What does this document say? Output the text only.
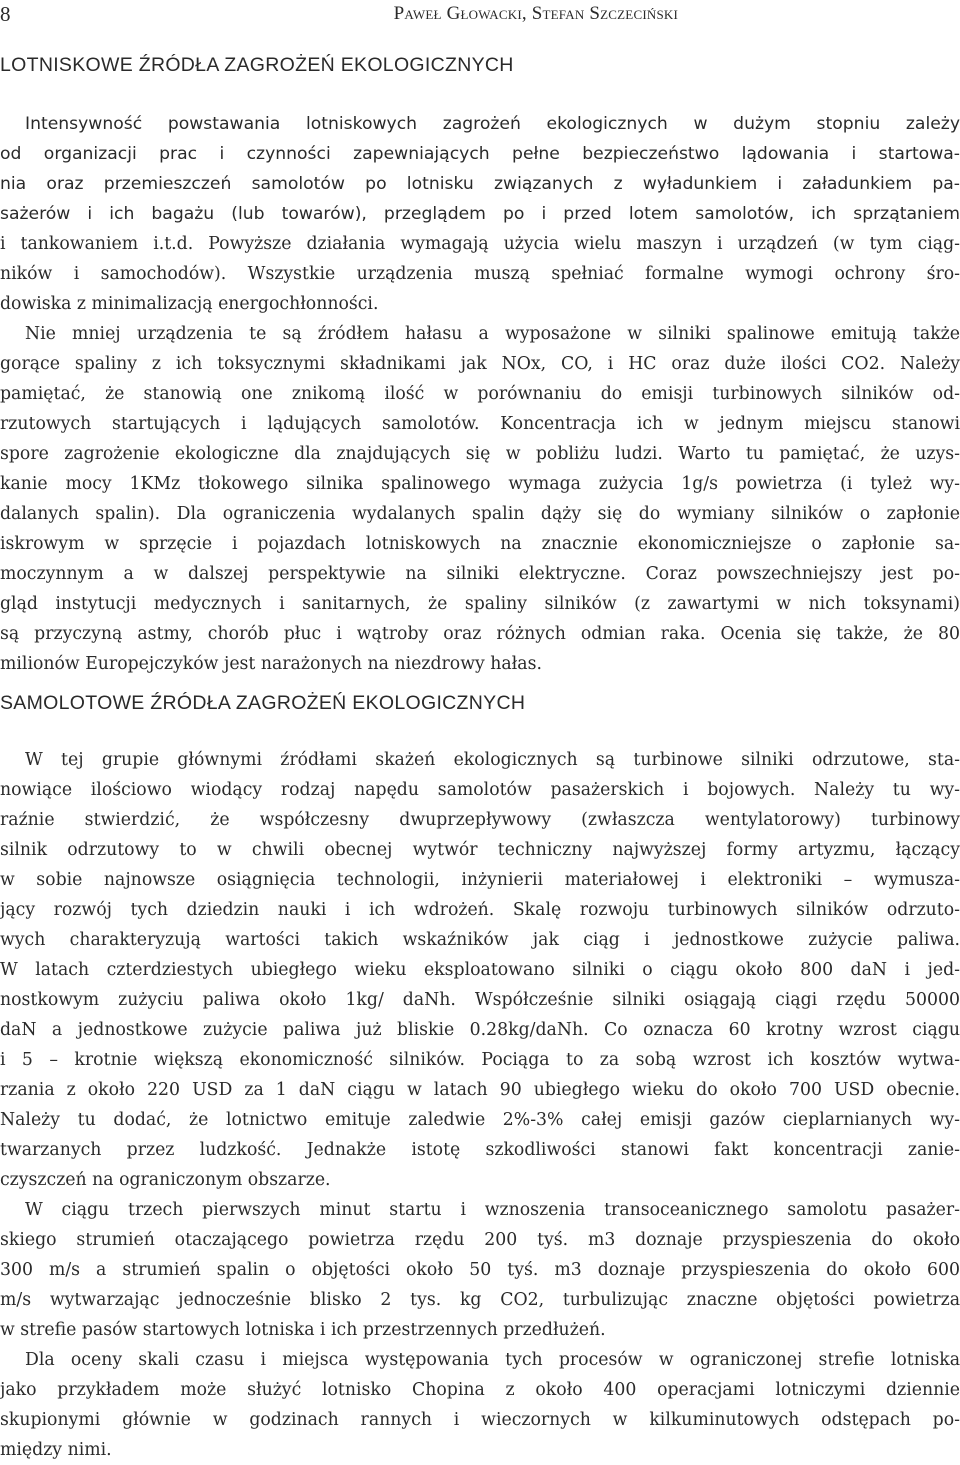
8	Paweł Głowacki, Stefan Szczeciński
LOTNISKOWE ŹRÓDŁA ZAGROŻEŃ EKOLOGICZNYCH
Intensywność powstawania lotniskowych zagrożeń ekologicznych w dużym stopniu zależy
od organizacji prac i czynności zapewniających pełne bezpieczeństwo lądowania i startowa-
nia oraz przemieszczeń samolotów po lotnisku związanych z wyładunkiem i załadunkiem pa-
sażerów i ich bagażu (lub towarów), przeglądem po i przed lotem samolotów, ich sprzątaniem
i tankowaniem i.t.d. Powyższe działania wymagają użycia wielu maszyn i urządzeń (w tym ciąg-
ników i samochodów). Wszystkie urządzenia muszą spełniać formalne wymogi ochrony śro-
dowiska z minimalizacją energochłonności.
Nie mniej urządzenia te są źródłem hałasu a wyposażone w silniki spalinowe emitują także
gorące spaliny z ich toksycznymi składnikami jak NOx, CO, i HC oraz duże ilości CO2. Należy
pamiętać, że stanowią one znikomą ilość w porównaniu do emisji turbinowych silników od-
rzutowych startujących i lądujących samolotów. Koncentracja ich w jednym miejscu stanowi
spore zagrożenie ekologiczne dla znajdujących się w pobliżu ludzi. Warto tu pamiętać, że uzys-
kanie mocy 1KMz tłokowego silnika spalinowego wymaga zużycia 1g/s powietrza (i tyleż wy-
dalanych spalin). Dla ograniczenia wydalanych spalin dąży się do wymiany silników o zapłonie
iskrowym w sprzęcie i pojazdach lotniskowych na znacznie ekonomiczniejsze o zapłonie sa-
moczynnym a w dalszej perspektywie na silniki elektryczne. Coraz powszechniejszy jest po-
gląd instytucji medycznych i sanitarnych, że spaliny silników (z zawartymi w nich toksynami)
są przyczyną astmy, chorób płuc i wątroby oraz różnych odmian raka. Ocenia się także, że 80
milionów Europejczyków jest narażonych na niezdrowy hałas.
SAMOLOTOWE ŹRÓDŁA ZAGROŻEŃ EKOLOGICZNYCH
W tej grupie głównymi źródłami skażeń ekologicznych są turbinowe silniki odrzutowe, sta-
nowiące ilościowo wiodący rodzaj napędu samolotów pasażerskich i bojowych. Należy tu wy-
raźnie stwierdzić, że współczesny dwuprzepływowy (zwłaszcza wentylatorowy) turbinowy
silnik odrzutowy to w chwili obecnej wytwór techniczny najwyższej formy artyzmu, łączący
w sobie najnowsze osiągnięcia technologii, inżynierii materiałowej i elektroniki – wymusza-
jący rozwój tych dziedzin nauki i ich wdrożeń. Skalę rozwoju turbinowych silników odrzuto-
wych charakteryzują wartości takich wskaźników jak ciąg i jednostkowe zużycie paliwa.
W latach czterdziestych ubiegłego wieku eksploatowano silniki o ciągu około 800 daN i jed-
nostkowym zużyciu paliwa około 1kg/ daNh. Współcześnie silniki osiągają ciągi rzędu 50000
daN a jednostkowe zużycie paliwa już bliskie 0.28kg/daNh. Co oznacza 60 krotny wzrost ciągu
i 5 – krotnie większą ekonomiczność silników. Pociąga to za sobą wzrost ich kosztów wytwa-
rzania z około 220 USD za 1 daN ciągu w latach 90 ubiegłego wieku do około 700 USD obecnie.
Należy tu dodać, że lotnictwo emituje zaledwie 2%-3% całej emisji gazów cieplarnianych wy-
twarzanych przez ludzkość. Jednakże istotę szkodliwości stanowi fakt koncentracji zanie-
czyszczeń na ograniczonym obszarze.
W ciągu trzech pierwszych minut startu i wznoszenia transoceanicznego samolotu pasażer-
skiego strumień otaczającego powietrza rzędu 200 tyś. m3 doznaje przyspieszenia do około
300 m/s a strumień spalin o objętości około 50 tyś. m3 doznaje przyspieszenia do około 600
m/s wytwarzając jednocześnie blisko 2 tys. kg CO2, turbulizując znaczne objętości powietrza
w strefie pasów startowych lotniska i ich przestrzennych przedłużeń.
Dla oceny skali czasu i miejsca występowania tych procesów w ograniczonej strefie lotniska
jako przykładem może służyć lotnisko Chopina z około 400 operacjami lotniczymi dziennie
skupionymi głównie w godzinach rannych i wieczornych w kilkuminutowych odstępach po-
między nimi.
